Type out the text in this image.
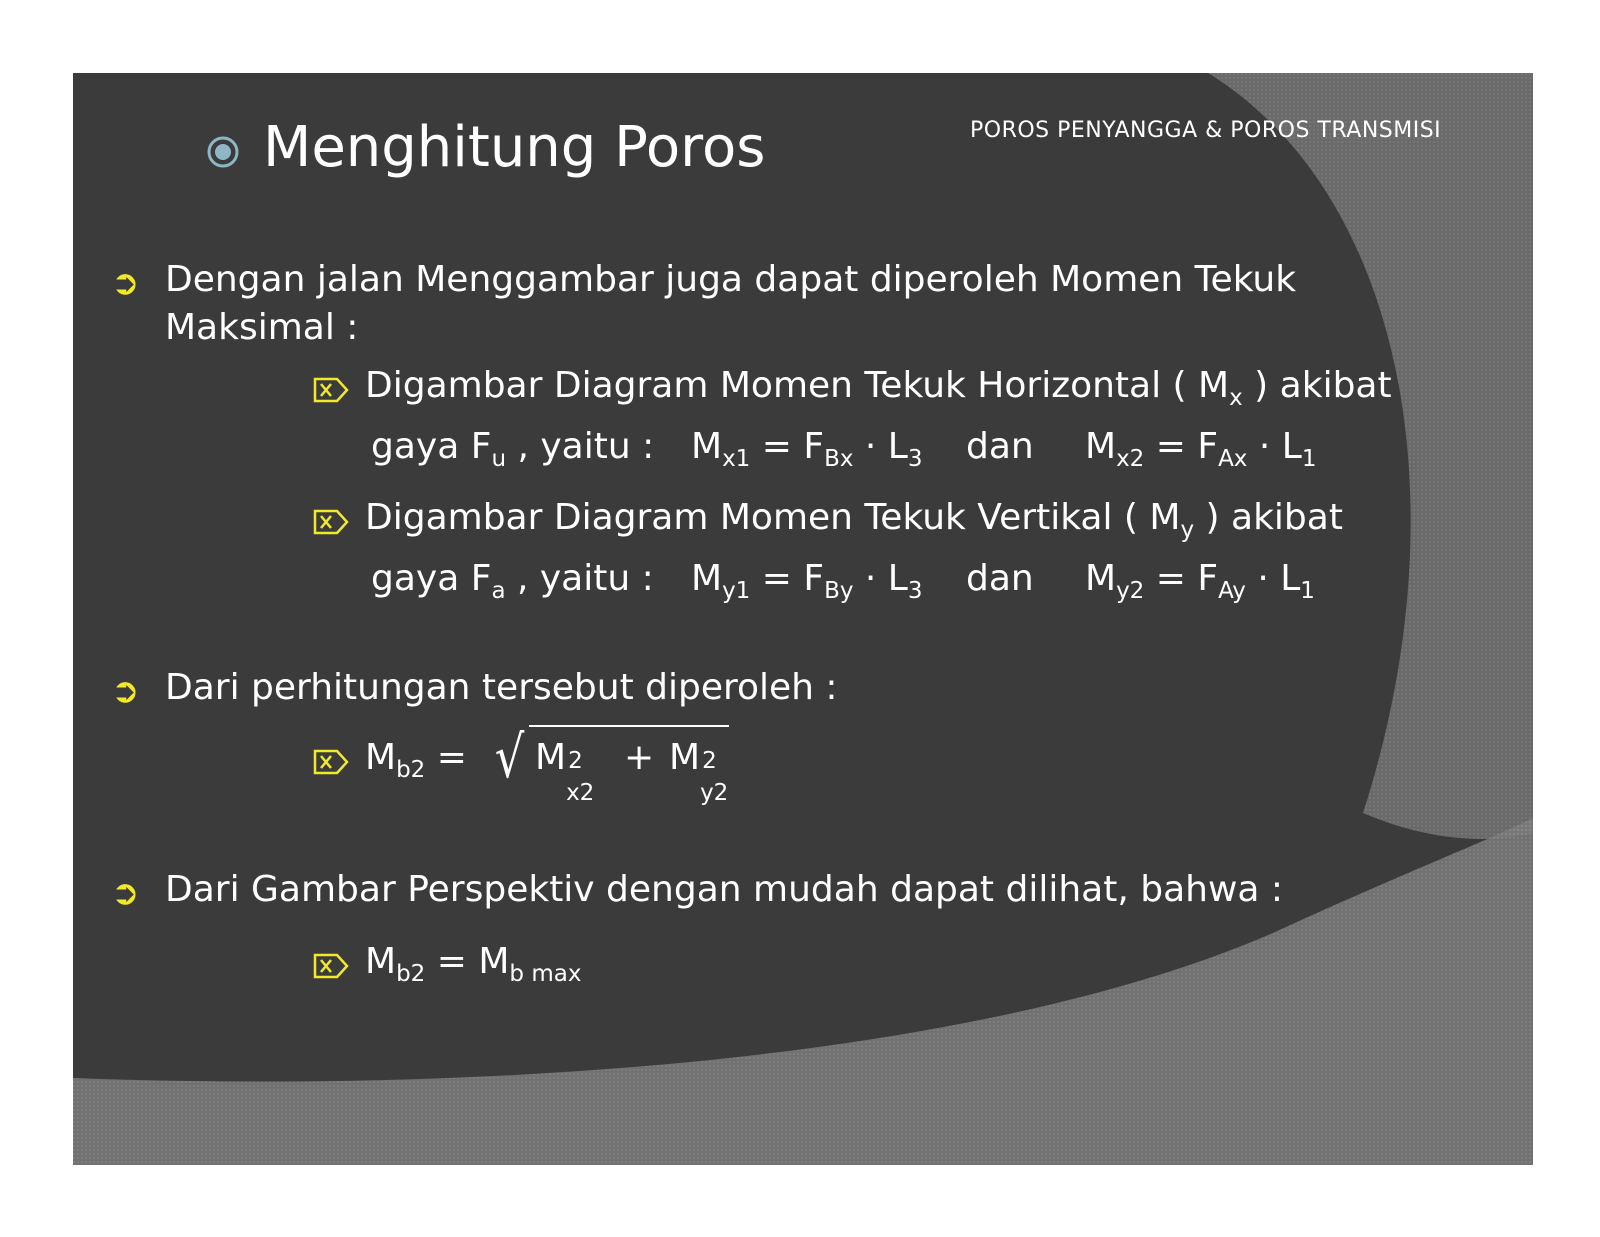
Menghitung Poros	POROS PENYANGGA & POROS TRANSMISI
➲ Dengan jalan Menggambar juga dapat diperoleh Momen Tekuk
Maksimal :
Digambar Diagram Momen Tekuk Horizontal ( $M_x$ ) akibat
gaya $F_u$ , yaitu : $M_{x1} = F_{Bx} \cdot L_3$ dan $M_{x2} = F_{Ax} \cdot L_1$
Digambar Diagram Momen Tekuk Vertikal ( $M_y$ ) akibat
gaya $F_a$ , yaitu : $M_{y1} = F_{By} \cdot L_3$ dan $M_{y2} = F_{Ay} \cdot L_1$
➲ Dari perhitungan tersebut diperoleh :
$M_{b2}$ = √ M 2 + M 2
➲ Dari Gambar Perspektiv dengan mudah dapat dilihat, bahwa :
$M_{b2} = M_{b max}$
